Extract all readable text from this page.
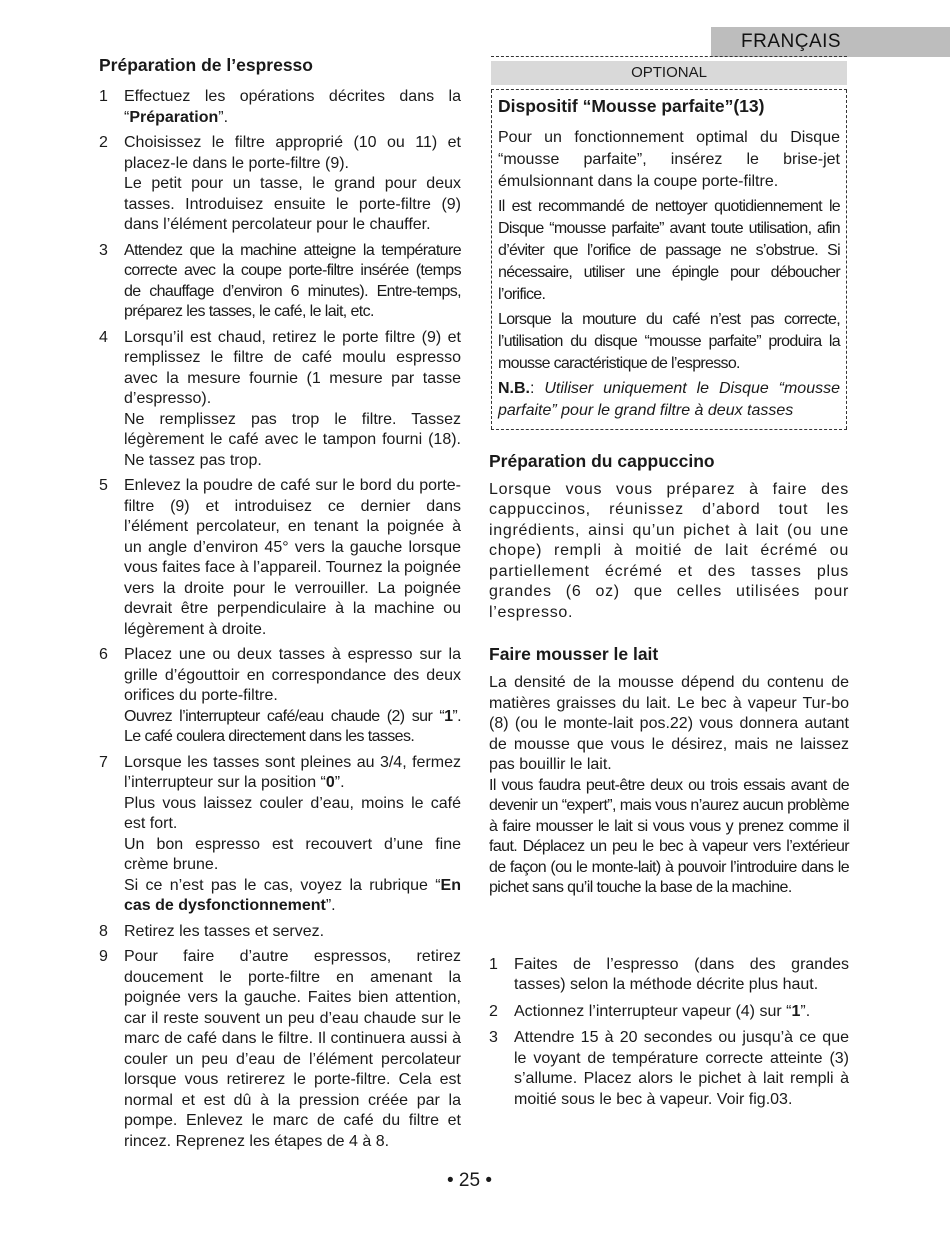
FRANÇAIS
Préparation de l’espresso
1 Effectuez les opérations décrites dans la “Préparation”.
2 Choisissez le filtre approprié (10 ou 11) et placez-le dans le porte-filtre (9).

Le petit pour un tasse, le grand pour deux tasses. Introduisez ensuite le porte-filtre (9) dans l’élément percolateur pour le chauffer.

3 Attendez que la machine atteigne la température correcte avec la coupe porte-filtre insérée (temps de chauffage d’environ 6 minutes). Entre-temps, préparez les tasses, le café, le lait, etc.

4 Lorsqu’il est chaud, retirez le porte filtre (9) et remplissez le filtre de café moulu espresso avec la mesure fournie (1 mesure par tasse d’espresso).

Ne remplissez pas trop le filtre. Tassez légèrement le café avec le tampon fourni (18). Ne tassez pas trop.

5 Enlevez la poudre de café sur le bord du porte-filtre (9) et introduisez ce dernier dans l’élément percolateur, en tenant la poignée à un angle d’environ 45° vers la gauche lorsque vous faites face à l’appareil. Tournez la poignée vers la droite pour le verrouiller. La poignée devrait être perpendiculaire à la machine ou légèrement à droite.

6 Placez une ou deux tasses à espresso sur la grille d’égouttoir en correspondance des deux orifices du porte-filtre.

Ouvrez l’interrupteur café/eau chaude (2) sur “1”. Le café coulera directement dans les tasses.

7 Lorsque les tasses sont pleines au 3/4, fermez l’interrupteur sur la position “0”.

Plus vous laissez couler d’eau, moins le café est fort.

Un bon espresso est recouvert d’une fine crème brune.

Si ce n’est pas le cas, voyez la rubrique “En cas de dysfonctionnement”.

8 Retirez les tasses et servez.

9 Pour faire d’autre espressos, retirez doucement le porte-filtre en amenant la poignée vers la gauche. Faites bien attention, car il reste souvent un peu d’eau chaude sur le marc de café dans le filtre. Il continuera aussi à couler un peu d’eau de l’élément percolateur lorsque vous retirerez le porte-filtre. Cela est normal et est dû à la pression créée par la pompe. Enlevez le marc de café du filtre et rincez. Reprenez les étapes de 4 à 8.

OPTIONAL
Dispositif “Mousse parfaite”(13)

Pour un fonctionnement optimal du Disque “mousse parfaite”, insérez le brise-jet émulsionnant dans la coupe porte-filtre.

Il est recommandé de nettoyer quotidiennement le Disque “mousse parfaite” avant toute utilisation, afin d’éviter que l’orifice de passage ne s’obstrue. Si nécessaire, utiliser une épingle pour déboucher l’orifice.

Lorsque la mouture du café n’est pas correcte, l’utilisation du disque “mousse parfaite” produira la mousse caractéristique de l’espresso.

N.B.: Utiliser uniquement le Disque “mousse parfaite” pour le grand filtre à deux tasses

Préparation du cappuccino

Lorsque vous vous préparez à faire des cappuccinos, réunissez d’abord tout les ingrédients, ainsi qu’un pichet à lait (ou une chope) rempli à moitié de lait écrémé ou partiellement écrémé et des tasses plus grandes (6 oz) que celles utilisées pour l’espresso.

Faire mousser le lait

La densité de la mousse dépend du contenu de matières graisses du lait. Le bec à vapeur Tur-bo (8) (ou le monte-lait pos.22) vous donnera autant de mousse que vous le désirez, mais ne laissez pas bouillir le lait.

Il vous faudra peut-être deux ou trois essais avant de devenir un “expert”, mais vous n’aurez aucun problème à faire mousser le lait si vous vous y prenez comme il faut. Déplacez un peu le bec à vapeur vers l’extérieur de façon (ou le monte-lait) à pouvoir l’introduire dans le pichet sans qu’il touche la base de la machine.

1 Faites de l’espresso (dans des grandes tasses) selon la méthode décrite plus haut.

2 Actionnez l’interrupteur vapeur (4) sur “1”.
3 Attendre 15 à 20 secondes ou jusqu’à ce que le voyant de température correcte atteinte (3) s’allume. Placez alors le pichet à lait rempli à moitié sous le bec à vapeur. Voir fig.03.

• 25 •
